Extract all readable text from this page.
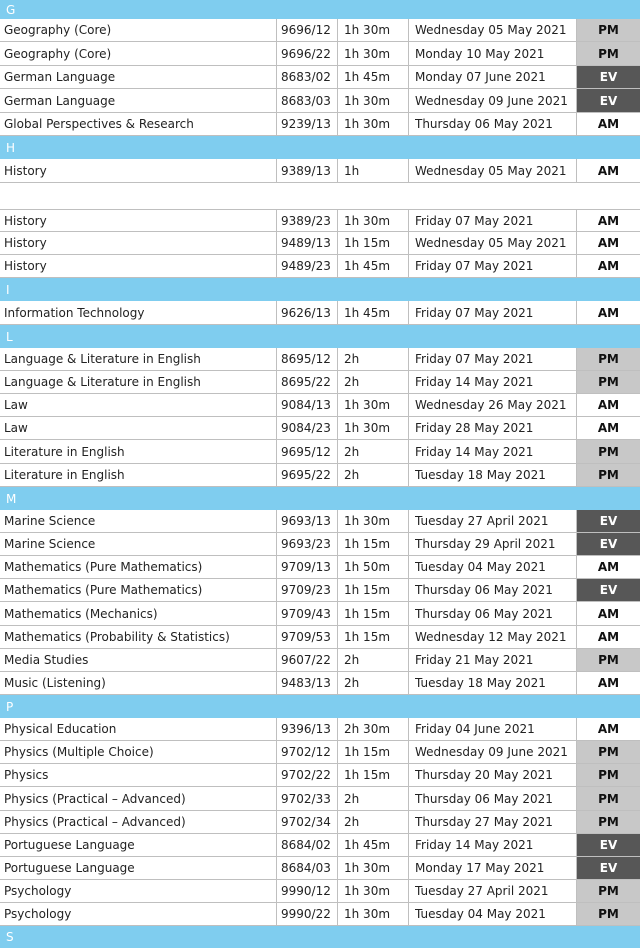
G
Geography (Core)	9696/12 1h 30m	Wednesday 05 May 2021	PM
Geography (Core)	9696/22 1h 30m	Monday 10 May 2021	PM
German Language	8683/02 1h 45m	Monday 07 June 2021	EV
German Language	8683/03 1h 30m	Wednesday 09 June 2021	EV
Global Perspectives & Research	9239/13 1h 30m	Thursday 06 May 2021	AM
H
History	9389/13 1h	Wednesday 05 May 2021	AM
History	9389/23 1h 30m	Friday 07 May 2021	AM
History	9489/13 1h 15m	Wednesday 05 May 2021	AM
History	9489/23 1h 45m	Friday 07 May 2021	AM
I
Information Technology	9626/13 1h 45m	Friday 07 May 2021	AM
L
Language & Literature in English	8695/12 2h	Friday 07 May 2021	PM
Language & Literature in English	8695/22 2h	Friday 14 May 2021	PM
Law	9084/13 1h 30m	Wednesday 26 May 2021	AM
Law	9084/23 1h 30m	Friday 28 May 2021	AM
Literature in English	9695/12 2h	Friday 14 May 2021	PM
Literature in English	9695/22 2h	Tuesday 18 May 2021	PM
M
Marine Science	9693/13 1h 30m	Tuesday 27 April 2021	EV
Marine Science	9693/23 1h 15m	Thursday 29 April 2021	EV
Mathematics (Pure Mathematics)	9709/13 1h 50m	Tuesday 04 May 2021	AM
Mathematics (Pure Mathematics)	9709/23 1h 15m	Thursday 06 May 2021	EV
Mathematics (Mechanics)	9709/43 1h 15m	Thursday 06 May 2021	AM
Mathematics (Probability & Statistics)	9709/53 1h 15m	Wednesday 12 May 2021	AM
Media Studies	9607/22 2h	Friday 21 May 2021	PM
Music (Listening)	9483/13 2h	Tuesday 18 May 2021	AM
P
Physical Education	9396/13 2h 30m	Friday 04 June 2021	AM
Physics (Multiple Choice)	9702/12 1h 15m	Wednesday 09 June 2021	PM
Physics	9702/22 1h 15m	Thursday 20 May 2021	PM
Physics (Practical – Advanced)	9702/33 2h	Thursday 06 May 2021	PM
Physics (Practical – Advanced)	9702/34 2h	Thursday 27 May 2021	PM
Portuguese Language	8684/02 1h 45m	Friday 14 May 2021	EV
Portuguese Language	8684/03 1h 30m	Monday 17 May 2021	EV
Psychology	9990/12 1h 30m	Tuesday 27 April 2021	PM
Psychology	9990/22 1h 30m	Tuesday 04 May 2021	PM
S
